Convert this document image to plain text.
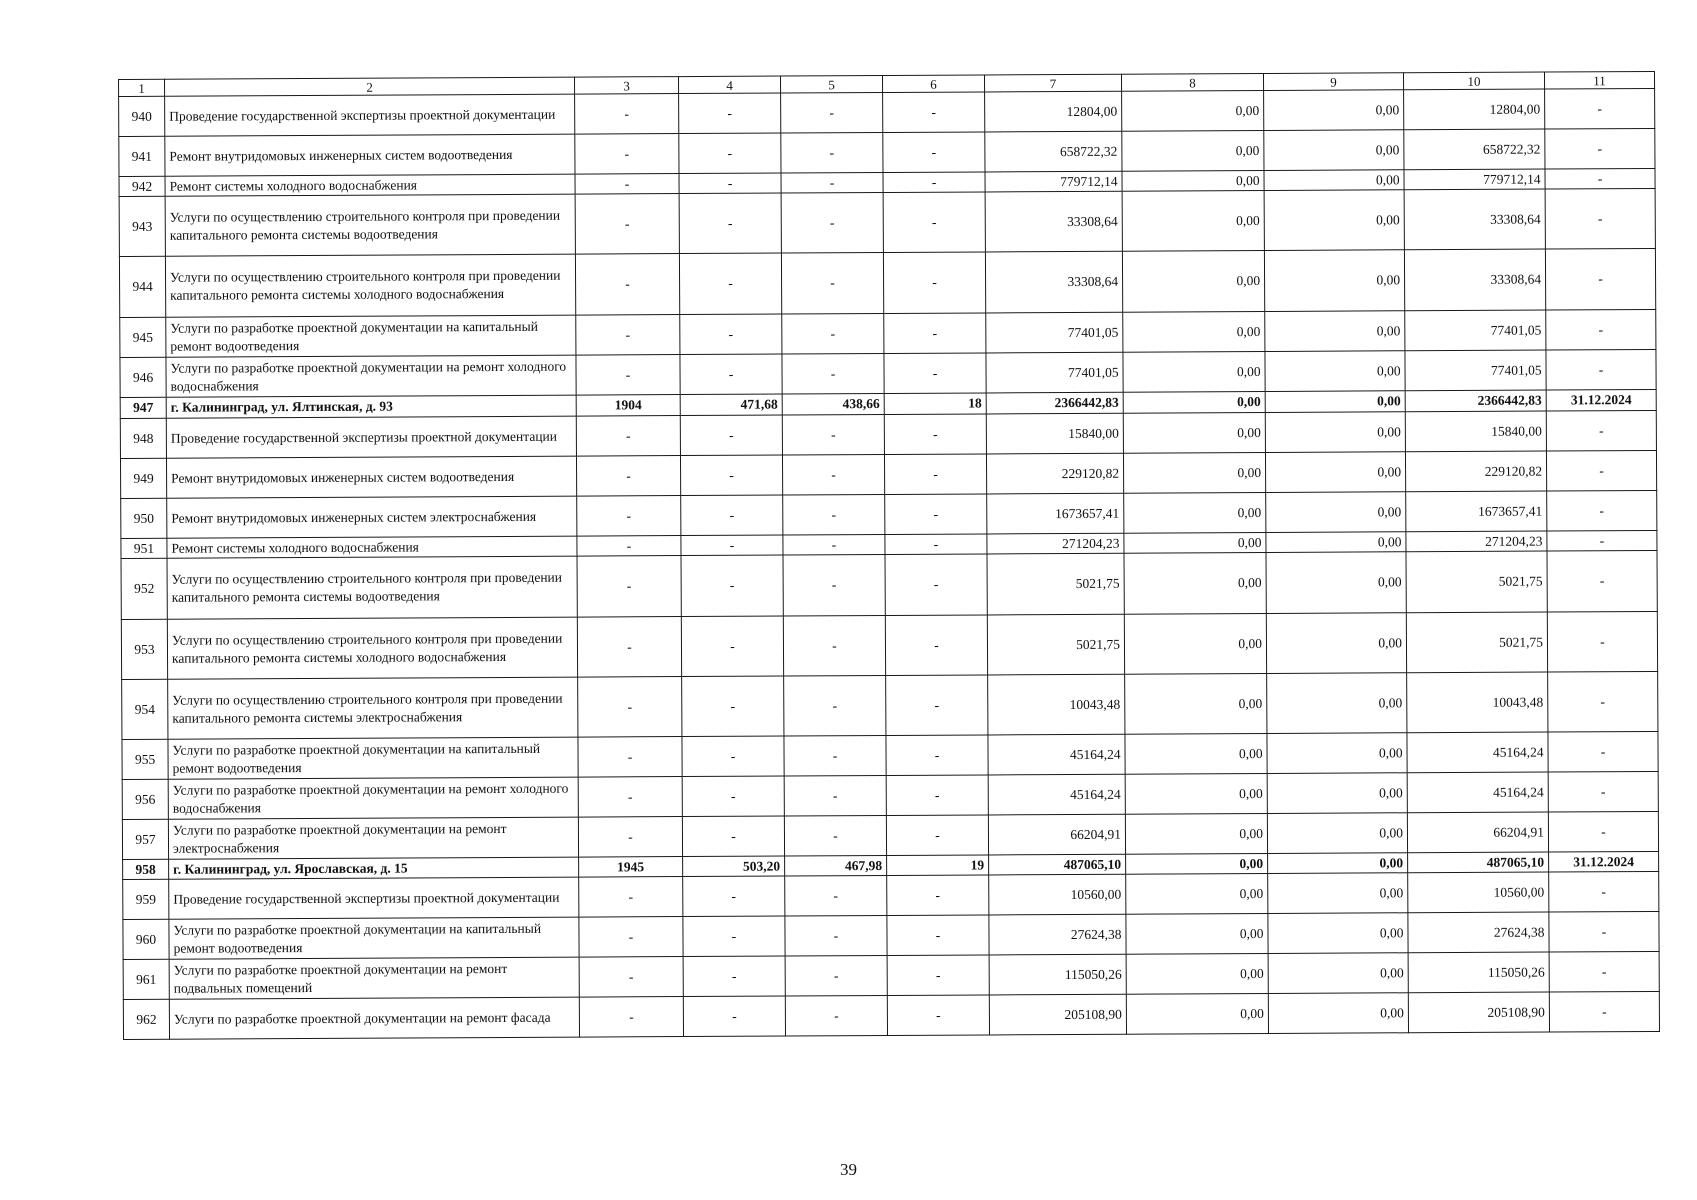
1	2	3	4	5	6	7	8	9	10	11
940	Проведение государственной экспертизы проектной документации	-	-	-	-	12804,00	0,00	0,00	12804,00	-
941	Ремонт внутридомовых инженерных систем водоотведения	-	-	-	-	658722,32	0,00	0,00	658722,32	-
942	Ремонт системы холодного водоснабжения	-	-	-	-	779712,14	0,00	0,00	779712,14	-
943	Услуги по осуществлению строительного контроля при проведении капитального ремонта системы водоотведения	-	-	-	-	33308,64	0,00	0,00	33308,64	-
944	Услуги по осуществлению строительного контроля при проведении капитального ремонта системы холодного водоснабжения	-	-	-	-	33308,64	0,00	0,00	33308,64	-
945	Услуги по разработке проектной документации на капитальный ремонт водоотведения	-	-	-	-	77401,05	0,00	0,00	77401,05	-
946	Услуги по разработке проектной документации на ремонт холодного водоснабжения	-	-	-	-	77401,05	0,00	0,00	77401,05	-
947	г. Калининград, ул. Ялтинская, д. 93	1904	471,68	438,66	18	2366442,83	0,00	0,00	2366442,83	31.12.2024
948	Проведение государственной экспертизы проектной документации	-	-	-	-	15840,00	0,00	0,00	15840,00	-
949	Ремонт внутридомовых инженерных систем водоотведения	-	-	-	-	229120,82	0,00	0,00	229120,82	-
950	Ремонт внутридомовых инженерных систем электроснабжения	-	-	-	-	1673657,41	0,00	0,00	1673657,41	-
951	Ремонт системы холодного водоснабжения	-	-	-	-	271204,23	0,00	0,00	271204,23	-
952	Услуги по осуществлению строительного контроля при проведении капитального ремонта системы водоотведения	-	-	-	-	5021,75	0,00	0,00	5021,75	-
953	Услуги по осуществлению строительного контроля при проведении капитального ремонта системы холодного водоснабжения	-	-	-	-	5021,75	0,00	0,00	5021,75	-
954	Услуги по осуществлению строительного контроля при проведении капитального ремонта системы электроснабжения	-	-	-	-	10043,48	0,00	0,00	10043,48	-
955	Услуги по разработке проектной документации на капитальный ремонт водоотведения	-	-	-	-	45164,24	0,00	0,00	45164,24	-
956	Услуги по разработке проектной документации на ремонт холодного водоснабжения	-	-	-	-	45164,24	0,00	0,00	45164,24	-
957	Услуги по разработке проектной документации на ремонт электроснабжения	-	-	-	-	66204,91	0,00	0,00	66204,91	-
958	г. Калининград, ул. Ярославская, д. 15	1945	503,20	467,98	19	487065,10	0,00	0,00	487065,10	31.12.2024
959	Проведение государственной экспертизы проектной документации	-	-	-	-	10560,00	0,00	0,00	10560,00	-
960	Услуги по разработке проектной документации на капитальный ремонт водоотведения	-	-	-	-	27624,38	0,00	0,00	27624,38	-
961	Услуги по разработке проектной документации на ремонт подвальных помещений	-	-	-	-	115050,26	0,00	0,00	115050,26	-
962	Услуги по разработке проектной документации на ремонт фасада	-	-	-	-	205108,90	0,00	0,00	205108,90	-
39
